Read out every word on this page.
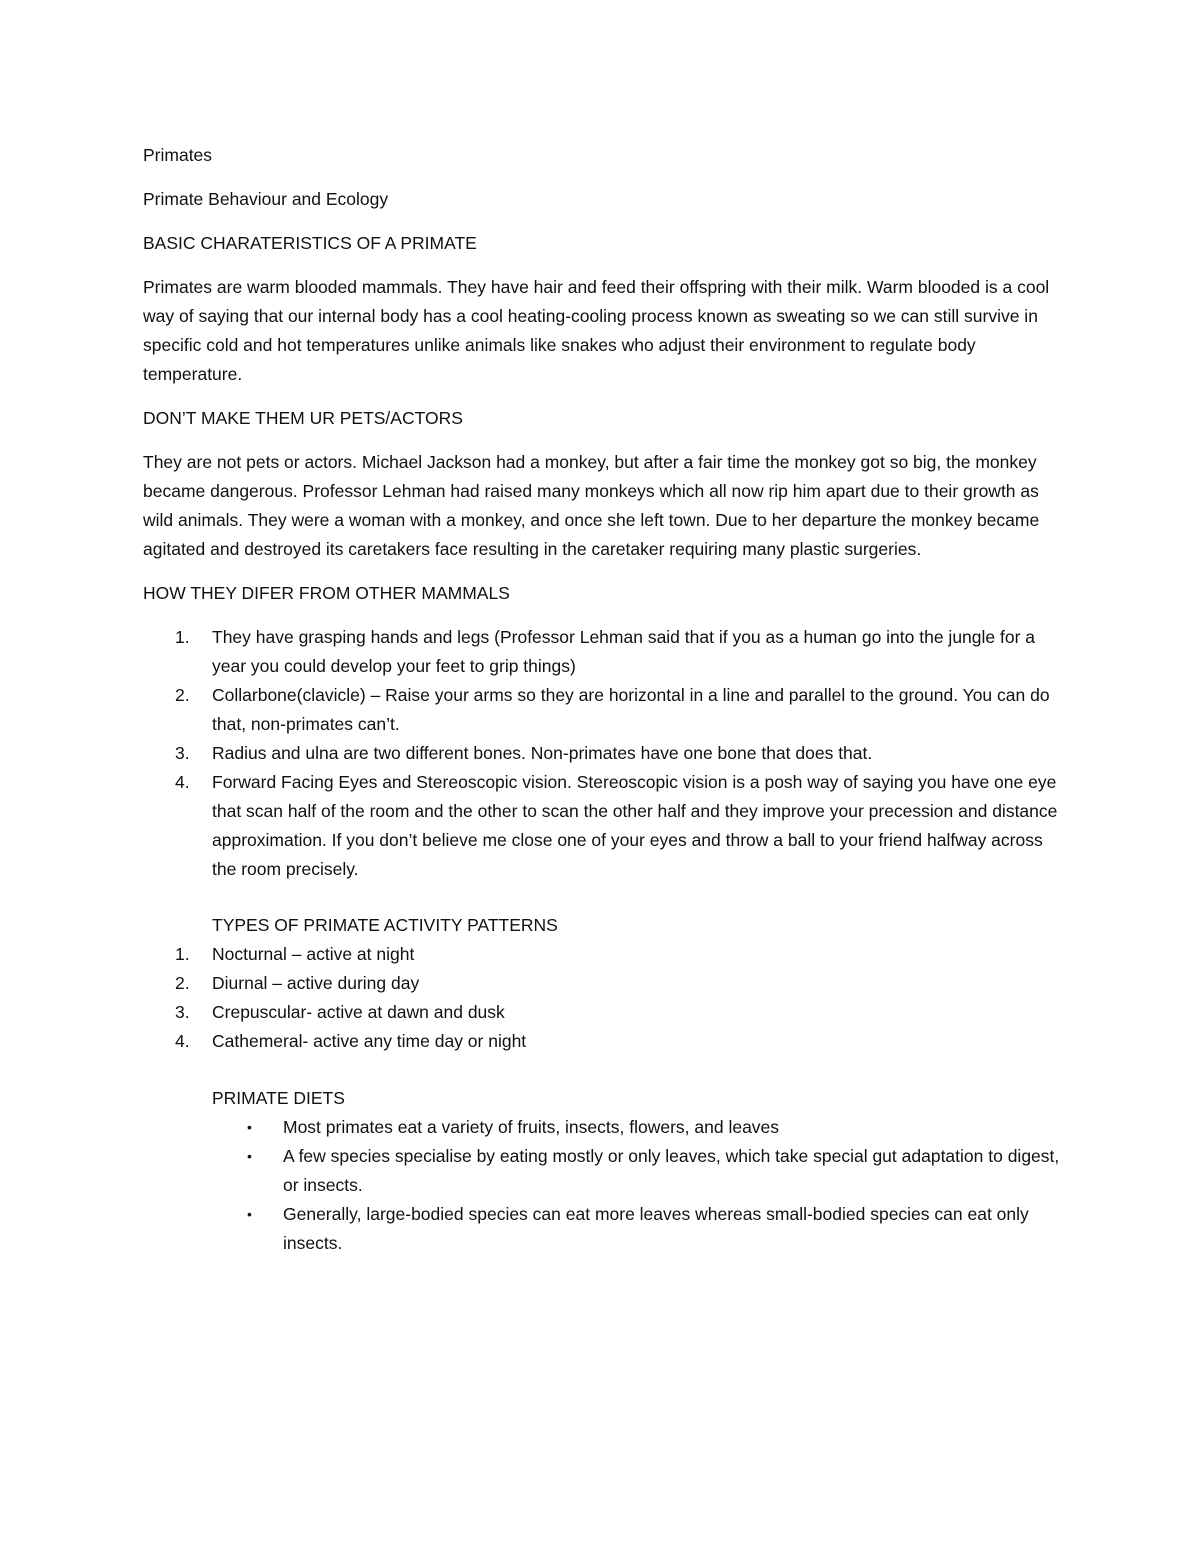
Primates

Primate Behaviour and Ecology

BASIC CHARATERISTICS OF A PRIMATE

Primates are warm blooded mammals. They have hair and feed their offspring with their milk. Warm blooded is a cool way of saying that our internal body has a cool heating-cooling process known as sweating so we can still survive in specific cold and hot temperatures unlike animals like snakes who adjust their environment to regulate body temperature.

DON’T MAKE THEM UR PETS/ACTORS

They are not pets or actors. Michael Jackson had a monkey, but after a fair time the monkey got so big, the monkey became dangerous. Professor Lehman had raised many monkeys which all now rip him apart due to their growth as wild animals. They were a woman with a monkey, and once she left town. Due to her departure the monkey became agitated and destroyed its caretakers face resulting in the caretaker requiring many plastic surgeries.

HOW THEY DIFER FROM OTHER MAMMALS

1. They have grasping hands and legs (Professor Lehman said that if you as a human go into the jungle for a year you could develop your feet to grip things)
2. Collarbone(clavicle) – Raise your arms so they are horizontal in a line and parallel to the ground. You can do that, non-primates can’t.
3. Radius and ulna are two different bones. Non-primates have one bone that does that.
4. Forward Facing Eyes and Stereoscopic vision. Stereoscopic vision is a posh way of saying you have one eye that scan half of the room and the other to scan the other half and they improve your precession and distance approximation. If you don’t believe me close one of your eyes and throw a ball to your friend halfway across the room precisely.

TYPES OF PRIMATE ACTIVITY PATTERNS

1. Nocturnal – active at night
2. Diurnal – active during day
3. Crepuscular- active at dawn and dusk
4. Cathemeral- active any time day or night

PRIMATE DIETS

• Most primates eat a variety of fruits, insects, flowers, and leaves
• A few species specialise by eating mostly or only leaves, which take special gut adaptation to digest, or insects.
• Generally, large-bodied species can eat more leaves whereas small-bodied species can eat only insects.
